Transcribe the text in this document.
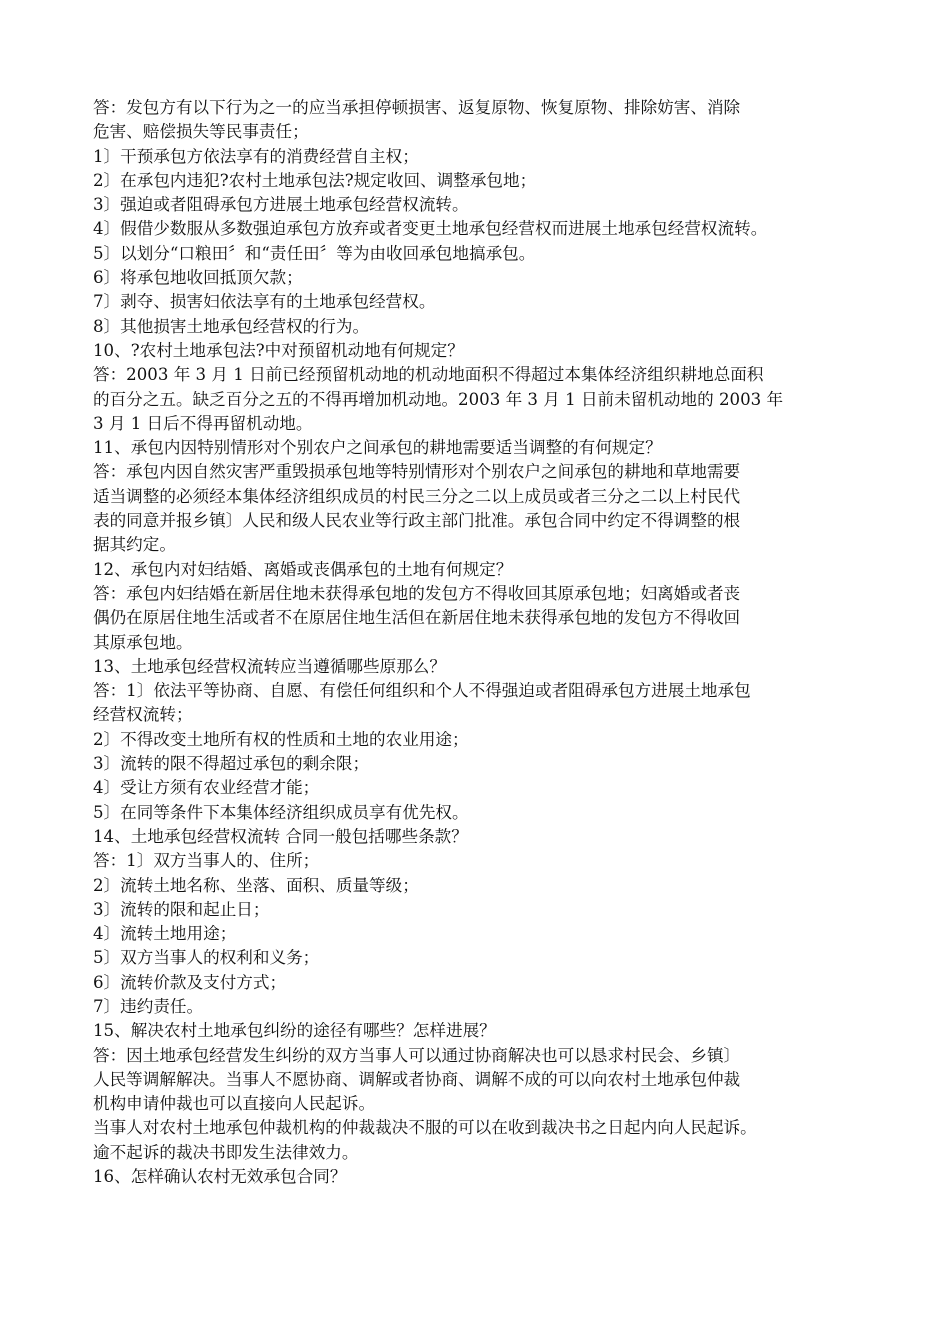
答：发包方有以下行为之一的应当承担停顿损害、返复原物、恢复原物、排除妨害、消除
危害、赔偿损失等民事责任；
1〕干预承包方依法享有的消费经营自主权；
2〕在承包内违犯?农村土地承包法?规定收回、调整承包地；
3〕强迫或者阻碍承包方进展土地承包经营权流转。
4〕假借少数服从多数强迫承包方放弃或者变更土地承包经营权而进展土地承包经营权流转。
5〕以划分“口粮田〞和“责任田〞等为由收回承包地搞承包。
6〕将承包地收回抵顶欠款；
7〕剥夺、损害妇依法享有的土地承包经营权。
8〕其他损害土地承包经营权的行为。
10、?农村土地承包法?中对预留机动地有何规定？
答：2003 年 3 月 1 日前已经预留机动地的机动地面积不得超过本集体经济组织耕地总面积
的百分之五。缺乏百分之五的不得再增加机动地。2003 年 3 月 1 日前未留机动地的 2003 年
3 月 1 日后不得再留机动地。
11、承包内因特别情形对个别农户之间承包的耕地需要适当调整的有何规定？
答：承包内因自然灾害严重毁损承包地等特别情形对个别农户之间承包的耕地和草地需要
适当调整的必须经本集体经济组织成员的村民三分之二以上成员或者三分之二以上村民代
表的同意并报乡镇〕人民和级人民农业等行政主部门批准。承包合同中约定不得调整的根
据其约定。
12、承包内对妇结婚、离婚或丧偶承包的土地有何规定？
答：承包内妇结婚在新居住地未获得承包地的发包方不得收回其原承包地；妇离婚或者丧
偶仍在原居住地生活或者不在原居住地生活但在新居住地未获得承包地的发包方不得收回
其原承包地。
13、土地承包经营权流转应当遵循哪些原那么？
答：1〕依法平等协商、自愿、有偿任何组织和个人不得强迫或者阻碍承包方进展土地承包
经营权流转；
2〕不得改变土地所有权的性质和土地的农业用途；
3〕流转的限不得超过承包的剩余限；
4〕受让方须有农业经营才能；
5〕在同等条件下本集体经济组织成员享有优先权。
14、土地承包经营权流转 合同一般包括哪些条款？
答：1〕双方当事人的、住所；
2〕流转土地名称、坐落、面积、质量等级；
3〕流转的限和起止日；
4〕流转土地用途；
5〕双方当事人的权利和义务；
6〕流转价款及支付方式；
7〕违约责任。
15、解决农村土地承包纠纷的途径有哪些？怎样进展？
答：因土地承包经营发生纠纷的双方当事人可以通过协商解决也可以恳求村民会、乡镇〕
人民等调解解决。当事人不愿协商、调解或者协商、调解不成的可以向农村土地承包仲裁
机构申请仲裁也可以直接向人民起诉。
当事人对农村土地承包仲裁机构的仲裁裁决不服的可以在收到裁决书之日起内向人民起诉。
逾不起诉的裁决书即发生法律效力。
16、怎样确认农村无效承包合同？
